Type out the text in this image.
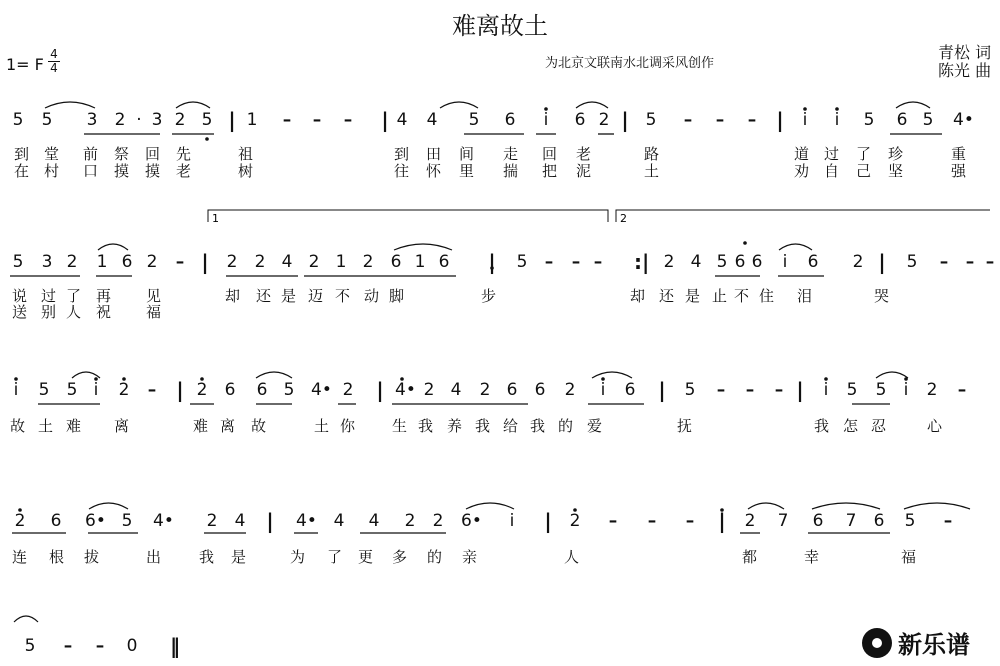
难离故土
1= F
4
4	为北京文联南水北调采风创作
青松 词
陈光 曲
1	2
5 5 3 2 · 3 2 5 | 1 – – – | 4 4 5 6 i 6 2 | 5 – – – | i i 5 6 5 4•
5 3 2 1 6 2 – | 2 2 4 2 1 2 6 1 6 | 5 – – – :| 2 4 5 6 6 i 6 2 | 5 – – –
i 5 5 i 2 – | 2 6 6 5 4• 2 | 4• 2 4 2 6 6 2 i 6 | 5 – – – | i 5 5 i 2 –
2 6 6• 5 4• 2 4 | 4• 4 4 2 2 6• i | 2 – – – | 2 7 6 7 6 5 –
5 – – 0 ‖
到 堂 前 祭 回 先	祖	到 田 间 走 回 老	路	道 过 了 珍	重
在 村 口 摸 摸 老	树	往 怀 里 揣 把 泥	土	劝 自 己 坚	强
说 过 了 再 见	却 还 是 迈 不 动 脚	步	却 还 是 止 不 住 泪	哭
送 别 人 祝 福
故 土 难 离	难 离 故	土 你 生 我 养 我 给 我 的 爱	抚	我 怎 忍	心
连 根 拔	出	我 是	为 了 更 多 的 亲	人	都	幸	福
新乐谱
